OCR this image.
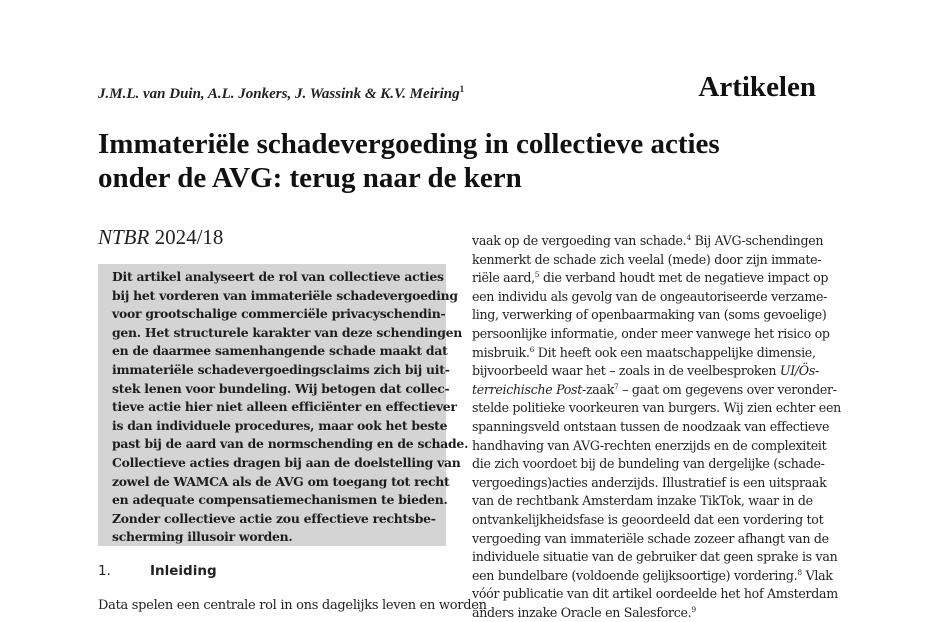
J.M.L. van Duin, A.L. Jonkers, J. Wassink & K.V. Meiring$^1$	Artikelen
Immateriële schadevergoeding in collectieve acties
onder de AVG: terug naar de kern
NTBR 2024/18
Dit artikel analyseert de rol van collectieve acties
bij het vorderen van immateriële schadevergoeding
voor grootschalige commerciële privacyschendin-
gen. Het structurele karakter van deze schendingen
en de daarmee samenhangende schade maakt dat
immateriële schadevergoedingsclaims zich bij uit-
stek lenen voor bundeling. Wij betogen dat collec-
tieve actie hier niet alleen efficiënter en effectiever
is dan individuele procedures, maar ook het beste
past bij de aard van de normschending en de schade.
Collectieve acties dragen bij aan de doelstelling van
zowel de WAMCA als de AVG om toegang tot recht
en adequate compensatiemechanismen te bieden.
Zonder collectieve actie zou effectieve rechtsbe-
scherming illusoir worden.
1.	Inleiding
Data spelen een centrale rol in ons dagelijks leven en worden
vaak op de vergoeding van schade.$^4$ Bij AVG-schendingen
kenmerkt de schade zich veelal (mede) door zijn immate-
riële aard,$^5$ die verband houdt met de negatieve impact op
een individu als gevolg van de ongeautoriseerde verzame-
ling, verwerking of openbaarmaking van (soms gevoelige)
persoonlijke informatie, onder meer vanwege het risico op
misbruik.$^6$ Dit heeft ook een maatschappelijke dimensie,
bijvoorbeeld waar het – zoals in de veelbesproken UI/Ös-
terreichische Post-zaak$^7$ – gaat om gegevens over veronder-
stelde politieke voorkeuren van burgers. Wij zien echter een
spanningsveld ontstaan tussen de noodzaak van effectieve
handhaving van AVG-rechten enerzijds en de complexiteit
die zich voordoet bij de bundeling van dergelijke (schade-
vergoedings)acties anderzijds. Illustratief is een uitspraak
van de rechtbank Amsterdam inzake TikTok, waar in de
ontvankelijkheidsfase is geoordeeld dat een vordering tot
vergoeding van immateriële schade zozeer afhangt van de
individuele situatie van de gebruiker dat geen sprake is van
een bundelbare (voldoende gelijksoortige) vordering.$^8$ Vlak
vóór publicatie van dit artikel oordeelde het hof Amsterdam
anders inzake Oracle en Salesforce.$^9$
